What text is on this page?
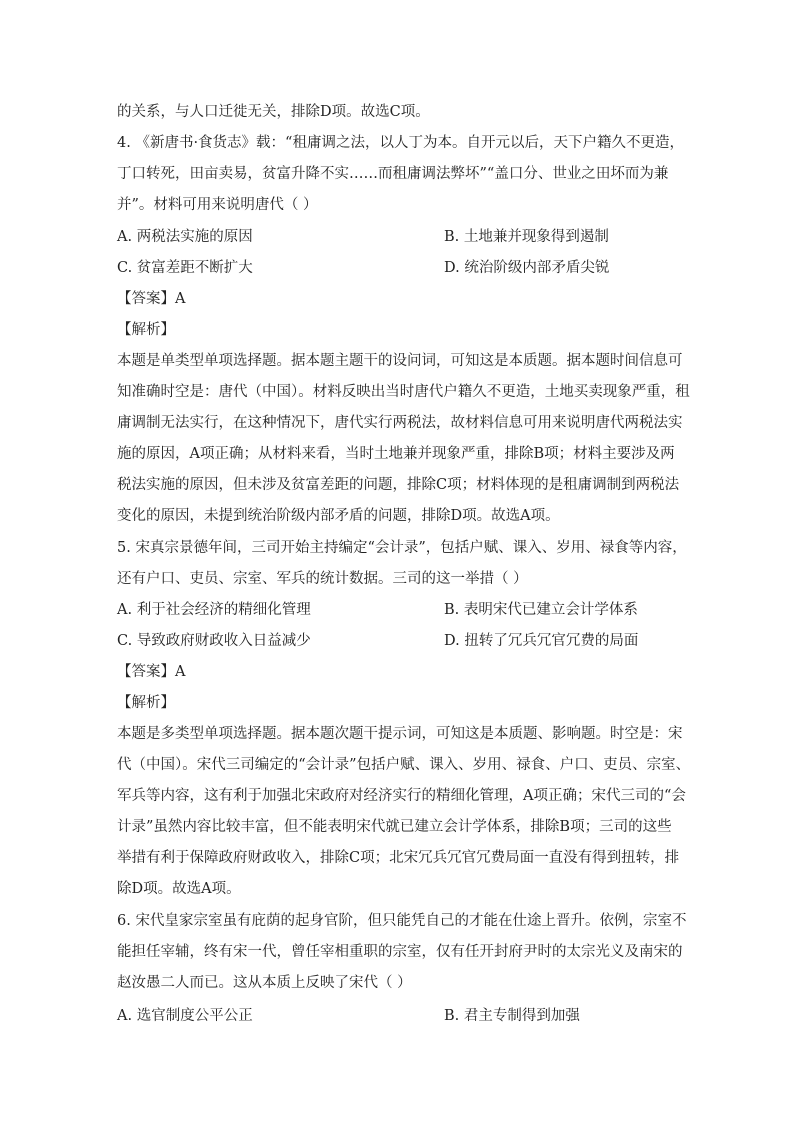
的关系，与人口迁徙无关，排除D项。故选C项。
4. 《新唐书·食货志》载：“租庸调之法，以人丁为本。自开元以后，天下户籍久不更造，
丁口转死，田亩卖易，贫富升降不实……而租庸调法弊坏”“盖口分、世业之田坏而为兼
并”。材料可用来说明唐代（ ）
A. 两税法实施的原因	B. 土地兼并现象得到遏制
C. 贫富差距不断扩大	D. 统治阶级内部矛盾尖锐
【答案】A
【解析】
本题是单类型单项选择题。据本题主题干的设问词，可知这是本质题。据本题时间信息可
知准确时空是：唐代（中国）。材料反映出当时唐代户籍久不更造，土地买卖现象严重，租
庸调制无法实行，在这种情况下，唐代实行两税法，故材料信息可用来说明唐代两税法实
施的原因，A项正确；从材料来看，当时土地兼并现象严重，排除B项；材料主要涉及两
税法实施的原因，但未涉及贫富差距的问题，排除C项；材料体现的是租庸调制到两税法
变化的原因，未提到统治阶级内部矛盾的问题，排除D项。故选A项。
5. 宋真宗景德年间，三司开始主持编定“会计录”，包括户赋、课入、岁用、禄食等内容，
还有户口、吏员、宗室、军兵的统计数据。三司的这一举措（ ）
A. 利于社会经济的精细化管理	B. 表明宋代已建立会计学体系
C. 导致政府财政收入日益减少	D. 扭转了冗兵冗官冗费的局面
【答案】A
【解析】
本题是多类型单项选择题。据本题次题干提示词，可知这是本质题、影响题。时空是：宋
代（中国）。宋代三司编定的“会计录”包括户赋、课入、岁用、禄食、户口、吏员、宗室、
军兵等内容，这有利于加强北宋政府对经济实行的精细化管理，A项正确；宋代三司的“会
计录”虽然内容比较丰富，但不能表明宋代就已建立会计学体系，排除B项；三司的这些
举措有利于保障政府财政收入，排除C项；北宋冗兵冗官冗费局面一直没有得到扭转，排
除D项。故选A项。
6. 宋代皇家宗室虽有庇荫的起身官阶，但只能凭自己的才能在仕途上晋升。依例，宗室不
能担任宰辅，终有宋一代，曾任宰相重职的宗室，仅有任开封府尹时的太宗光义及南宋的
赵汝愚二人而已。这从本质上反映了宋代（ ）
A. 选官制度公平公正	B. 君主专制得到加强
